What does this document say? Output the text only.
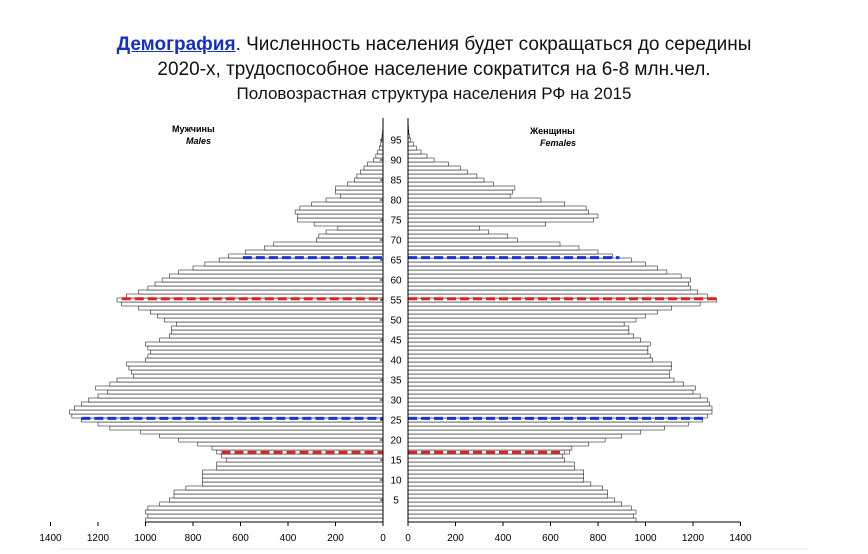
Демография. Численность населения будет сокращаться до середины
2020-х, трудоспособное население сократится на 6-8 млн.чел.
Половозрастная структура населения РФ на 2015
5
10
15
20
25
30
35
40
45
50
55
60
65
70
75
80
85
90
95
1400	1200	1000	800	600	400	200	0 0	200	400	600	800	1000	1200	1400
Мужчины
Males
Женщины
Females
